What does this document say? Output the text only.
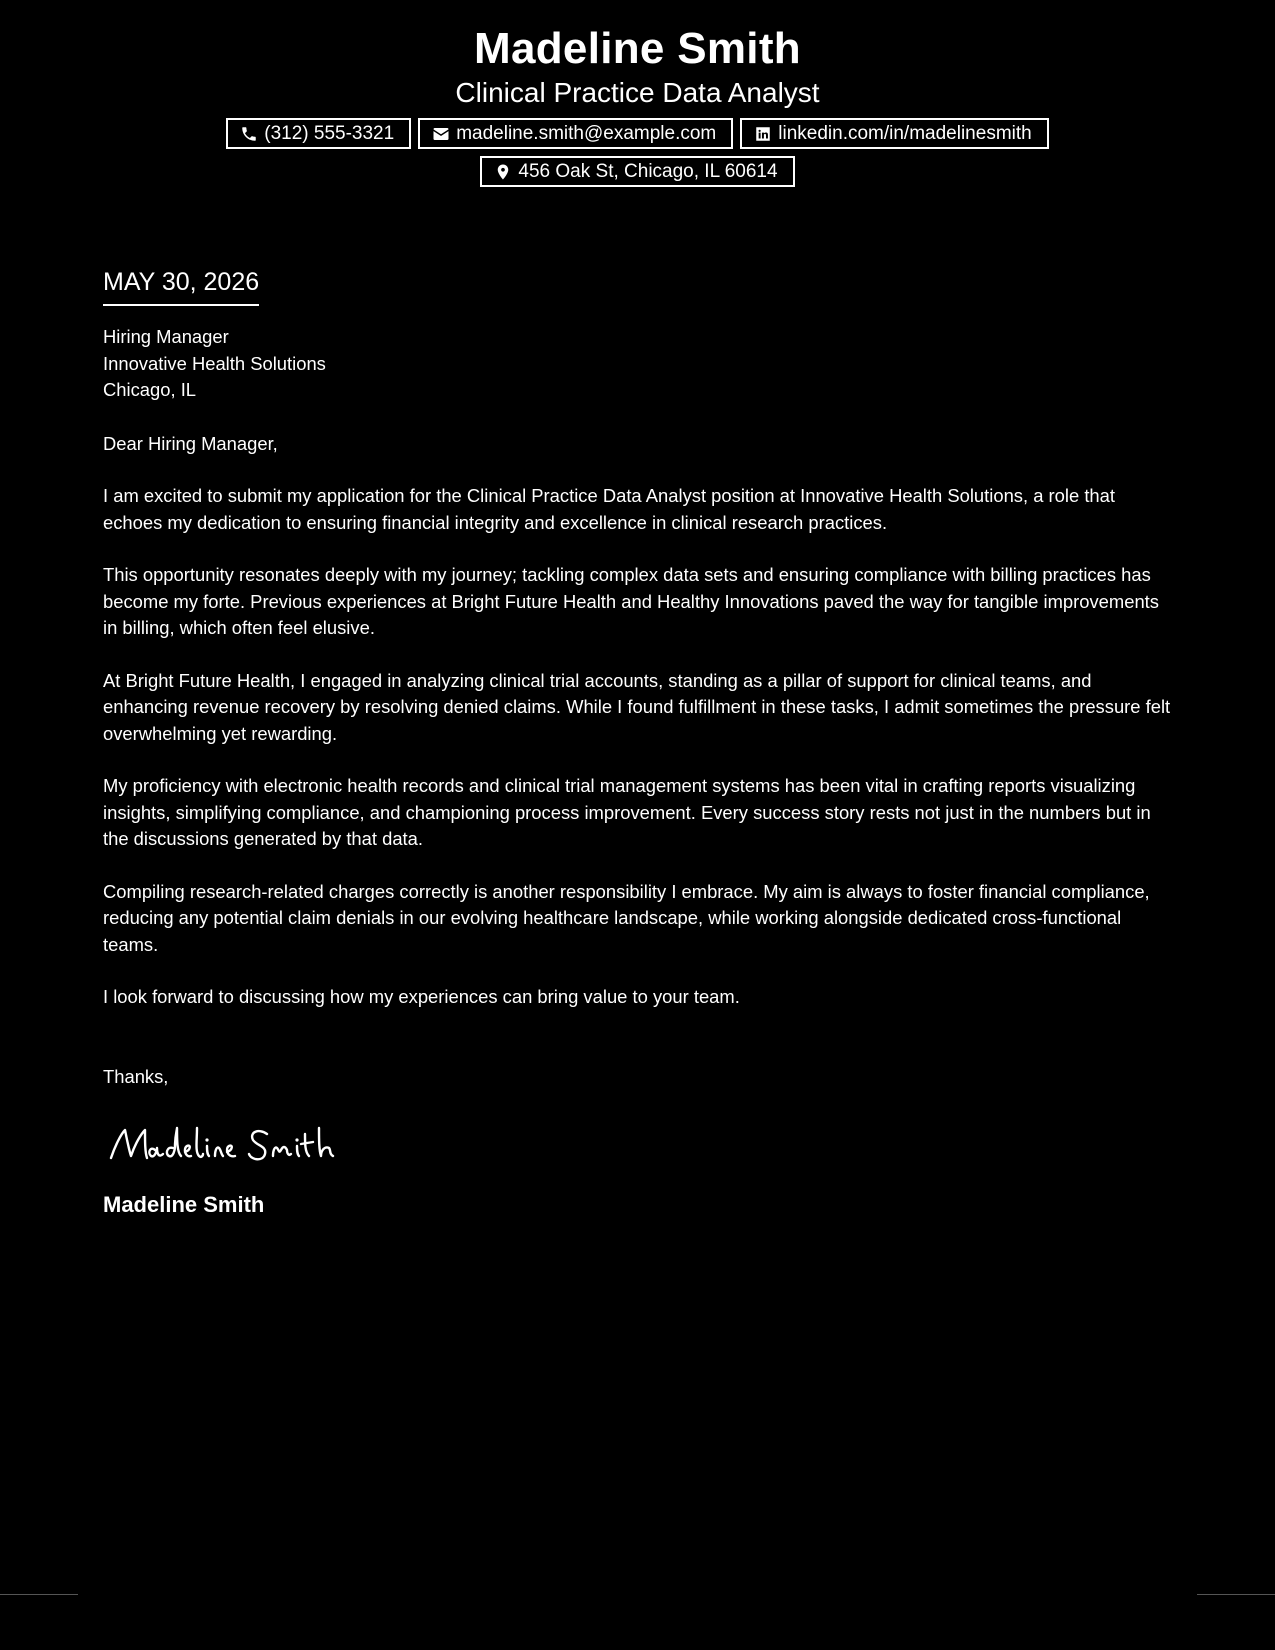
Madeline Smith
Clinical Practice Data Analyst
(312) 555-3321	madeline.smith@example.com	linkedin.com/in/madelinesmith
456 Oak St, Chicago, IL 60614
MAY 30, 2026
Hiring Manager
Innovative Health Solutions
Chicago, IL
Dear Hiring Manager,
I am excited to submit my application for the Clinical Practice Data Analyst position at Innovative Health Solutions, a role that echoes my dedication to ensuring financial integrity and excellence in clinical research practices.
This opportunity resonates deeply with my journey; tackling complex data sets and ensuring compliance with billing practices has become my forte. Previous experiences at Bright Future Health and Healthy Innovations paved the way for tangible improvements in billing, which often feel elusive.
At Bright Future Health, I engaged in analyzing clinical trial accounts, standing as a pillar of support for clinical teams, and enhancing revenue recovery by resolving denied claims. While I found fulfillment in these tasks, I admit sometimes the pressure felt overwhelming yet rewarding.
My proficiency with electronic health records and clinical trial management systems has been vital in crafting reports visualizing insights, simplifying compliance, and championing process improvement. Every success story rests not just in the numbers but in the discussions generated by that data.
Compiling research-related charges correctly is another responsibility I embrace. My aim is always to foster financial compliance, reducing any potential claim denials in our evolving healthcare landscape, while working alongside dedicated cross-functional teams.
I look forward to discussing how my experiences can bring value to your team.
Thanks,
Madeline Smith
